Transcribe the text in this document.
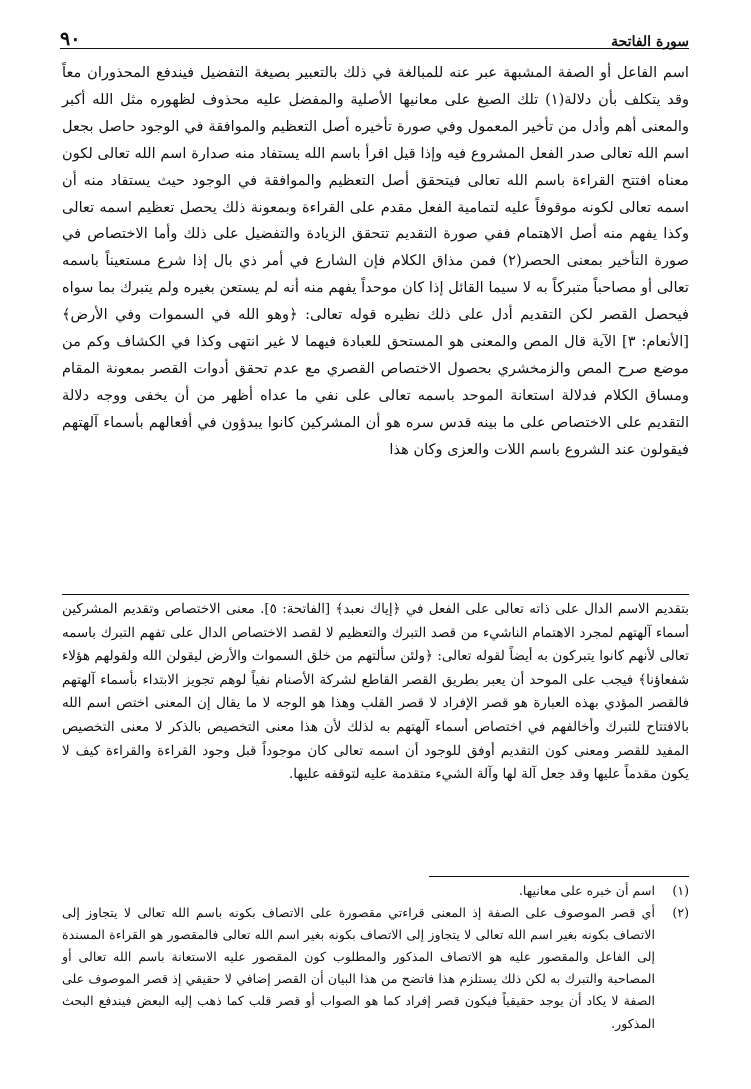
سورة الفاتحة
٩٠

اسم الفاعل أو الصفة المشبهة عبر عنه للمبالغة في ذلك بالتعبير بصيغة التفضيل فيندفع المحذوران معاً وقد يتكلف بأن دلالة(١) تلك الصيغ على معانيها الأصلية والمفضل عليه محذوف لظهوره مثل الله أكبر والمعنى أهم وأدل من تأخير المعمول وفي صورة تأخيره أصل التعظيم والموافقة في الوجود حاصل بجعل اسم الله تعالى صدر الفعل المشروع فيه وإذا قيل اقرأ باسم الله يستفاد منه صدارة اسم الله تعالى لكون معناه افتتح القراءة باسم الله تعالى فيتحقق أصل التعظيم والموافقة في الوجود حيث يستفاد منه أن اسمه تعالى لكونه موقوفاً عليه لتمامية الفعل مقدم على القراءة وبمعونة ذلك يحصل تعظيم اسمه تعالى وكذا يفهم منه أصل الاهتمام ففي صورة التقديم تتحقق الزيادة والتفضيل على ذلك وأما الاختصاص في صورة التأخير بمعنى الحصر(٢) فمن مذاق الكلام فإن الشارع في أمر ذي بال إذا شرع مستعيناً باسمه تعالى أو مصاحباً متبركاً به لا سيما القائل إذا كان موحداً يفهم منه أنه لم يستعن بغيره ولم يتبرك بما سواه فيحصل القصر لكن التقديم أدل على ذلك نظيره قوله تعالى: ﴿وهو الله في السموات وفي الأرض﴾ [الأنعام: ٣] الآية قال المص والمعنى هو المستحق للعبادة فيهما لا غير انتهى وكذا في الكشاف وكم من موضع صرح المص والزمخشري بحصول الاختصاص القصري مع عدم تحقق أدوات القصر بمعونة المقام ومساق الكلام فدلالة استعانة الموحد باسمه تعالى على نفي ما عداه أظهر من أن يخفى ووجه دلالة التقديم على الاختصاص على ما بينه قدس سره هو أن المشركين كانوا يبدؤون في أفعالهم بأسماء آلهتهم فيقولون عند الشروع باسم اللات والعزى وكان هذا

بتقديم الاسم الدال على ذاته تعالى على الفعل في ﴿إياك نعبد﴾ [الفاتحة: ٥]. معنى الاختصاص وتقديم المشركين أسماء آلهتهم لمجرد الاهتمام الناشيء من قصد التبرك والتعظيم لا لقصد الاختصاص الدال على تفهم التبرك باسمه تعالى لأنهم كانوا يتبركون به أيضاً لقوله تعالى: ﴿ولئن سألتهم من خلق السموات والأرض ليقولن الله ولقولهم هؤلاء شفعاؤنا﴾ فيجب على الموحد أن يعبر بطريق القصر القاطع لشركة الأصنام نفياً لوهم تجويز الابتداء بأسماء آلهتهم فالقصر المؤدي بهذه العبارة هو قصر الإفراد لا قصر القلب وهذا هو الوجه لا ما يقال إن المعنى اختص اسم الله بالافتتاح للتبرك وأخالفهم في اختصاص أسماء آلهتهم به لذلك لأن هذا معنى التخصيص بالذكر لا معنى التخصيص المفيد للقصر ومعنى كون التقديم أوفق للوجود أن اسمه تعالى كان موجوداً قبل وجود القراءة والقراءة كيف لا يكون مقدماً عليها وقد جعل آلة لها وآلة الشيء متقدمة عليه لتوقفه عليها.

(١)
اسم أن خبره على معانيها.
(٢)
أي قصر الموصوف على الصفة إذ المعنى قراءتي مقصورة على الاتصاف بكونه باسم الله تعالى لا يتجاوز إلى الاتصاف بكونه بغير اسم الله تعالى لا يتجاوز إلى الاتصاف بكونه بغير اسم الله تعالى فالمقصور هو القراءة المسندة إلى الفاعل والمقصور عليه هو الاتصاف المذكور والمطلوب كون المقصور عليه الاستعانة باسم الله تعالى أو المصاحبة والتبرك به لكن ذلك يستلزم هذا فاتضح من هذا البيان أن القصر إضافي لا حقيقي إذ قصر الموصوف على الصفة لا يكاد أن يوجد حقيقياً فيكون قصر إفراد كما هو الصواب أو قصر قلب كما ذهب إليه البعض فيندفع البحث المذكور.
